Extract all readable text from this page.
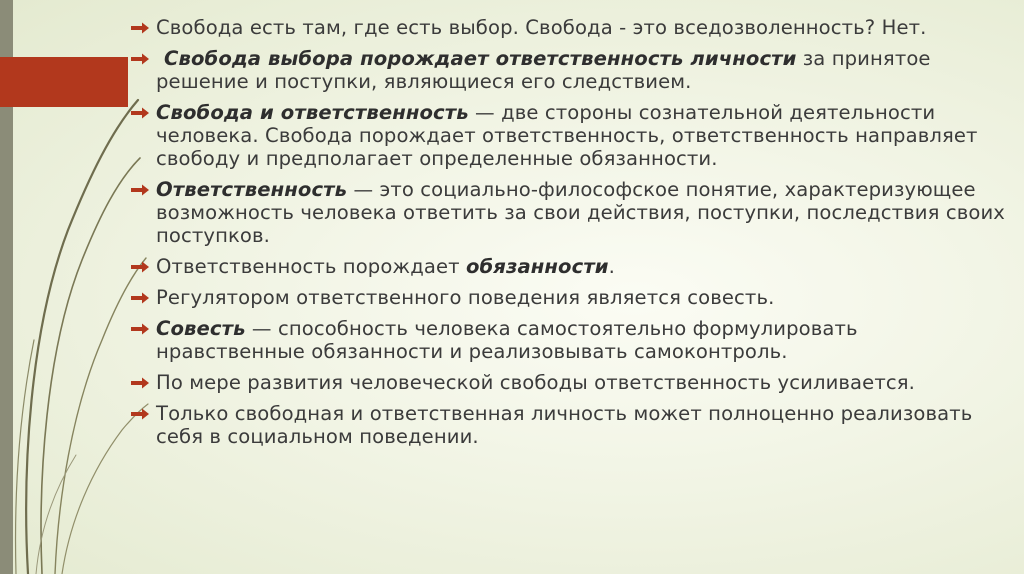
Свобода есть там, где есть выбор. Свобода - это вседозволенность? Нет.
Свобода выбора порождает ответственность личности за принятое решение и поступки, являющиеся его следствием.
Свобода и ответственность — две стороны сознательной деятельности человека. Свобода порождает ответственность, ответственность направляет свободу и предполагает определенные обязанности.
Ответственность — это социально-философское понятие, характеризующее возможность человека ответить за свои действия, поступки, последствия своих поступков.
Ответственность порождает обязанности.
Регулятором ответственного поведения является совесть.
Совесть — способность человека самостоятельно формулировать нравственные обязанности и реализовывать самоконтроль.
По мере развития человеческой свободы ответственность усиливается.
Только свободная и ответственная личность может полноценно реализовать себя в социальном поведении.
